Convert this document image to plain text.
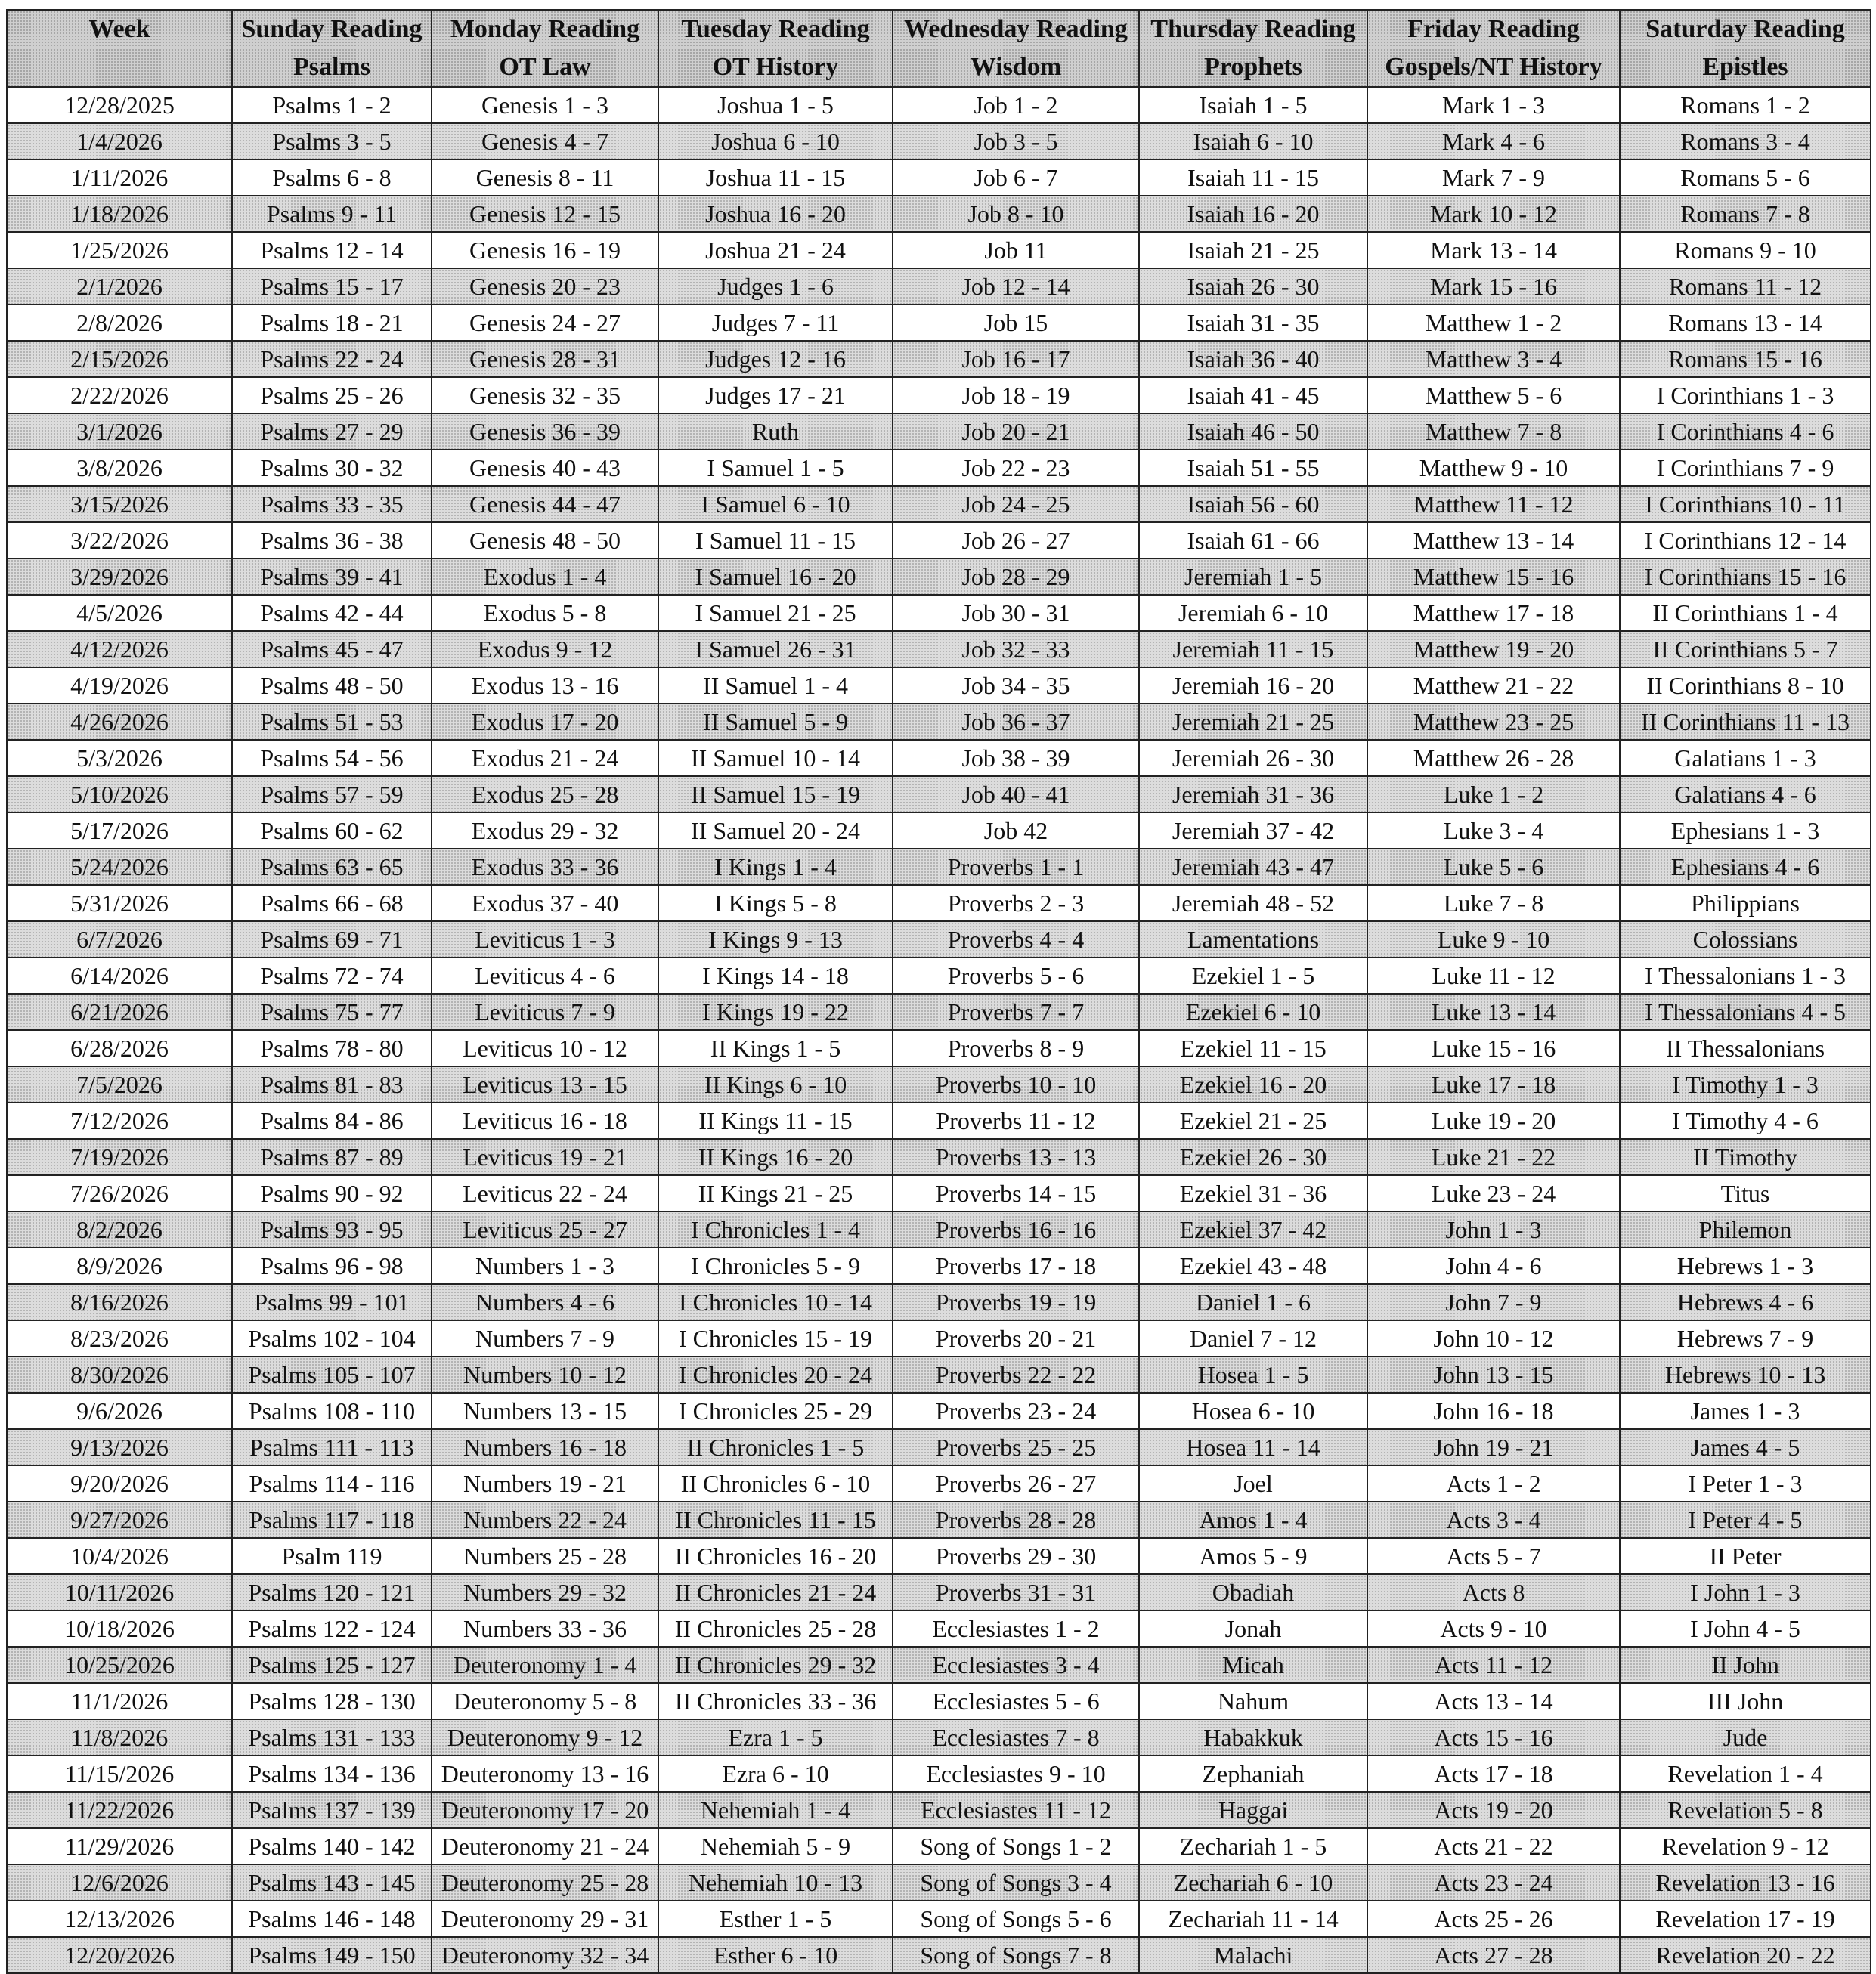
Week	Sunday Reading	Monday Reading	Tuesday Reading	Wednesday Reading	Thursday Reading	Friday Reading	Saturday Reading
	Psalms	OT Law	OT History	Wisdom	Prophets	Gospels/NT History	Epistles
12/28/2025	Psalms 1 - 2	Genesis 1 - 3	Joshua 1 - 5	Job 1 - 2	Isaiah 1 - 5	Mark 1 - 3	Romans 1 - 2
1/4/2026	Psalms 3 - 5	Genesis 4 - 7	Joshua 6 - 10	Job 3 - 5	Isaiah 6 - 10	Mark 4 - 6	Romans 3 - 4
1/11/2026	Psalms 6 - 8	Genesis 8 - 11	Joshua 11 - 15	Job 6 - 7	Isaiah 11 - 15	Mark 7 - 9	Romans 5 - 6
1/18/2026	Psalms 9 - 11	Genesis 12 - 15	Joshua 16 - 20	Job 8 - 10	Isaiah 16 - 20	Mark 10 - 12	Romans 7 - 8
1/25/2026	Psalms 12 - 14	Genesis 16 - 19	Joshua 21 - 24	Job 11	Isaiah 21 - 25	Mark 13 - 14	Romans 9 - 10
2/1/2026	Psalms 15 - 17	Genesis 20 - 23	Judges 1 - 6	Job 12 - 14	Isaiah 26 - 30	Mark 15 - 16	Romans 11 - 12
2/8/2026	Psalms 18 - 21	Genesis 24 - 27	Judges 7 - 11	Job 15	Isaiah 31 - 35	Matthew 1 - 2	Romans 13 - 14
2/15/2026	Psalms 22 - 24	Genesis 28 - 31	Judges 12 - 16	Job 16 - 17	Isaiah 36 - 40	Matthew 3 - 4	Romans 15 - 16
2/22/2026	Psalms 25 - 26	Genesis 32 - 35	Judges 17 - 21	Job 18 - 19	Isaiah 41 - 45	Matthew 5 - 6	I Corinthians 1 - 3
3/1/2026	Psalms 27 - 29	Genesis 36 - 39	Ruth	Job 20 - 21	Isaiah 46 - 50	Matthew 7 - 8	I Corinthians 4 - 6
3/8/2026	Psalms 30 - 32	Genesis 40 - 43	I Samuel 1 - 5	Job 22 - 23	Isaiah 51 - 55	Matthew 9 - 10	I Corinthians 7 - 9
3/15/2026	Psalms 33 - 35	Genesis 44 - 47	I Samuel 6 - 10	Job 24 - 25	Isaiah 56 - 60	Matthew 11 - 12	I Corinthians 10 - 11
3/22/2026	Psalms 36 - 38	Genesis 48 - 50	I Samuel 11 - 15	Job 26 - 27	Isaiah 61 - 66	Matthew 13 - 14	I Corinthians 12 - 14
3/29/2026	Psalms 39 - 41	Exodus 1 - 4	I Samuel 16 - 20	Job 28 - 29	Jeremiah 1 - 5	Matthew 15 - 16	I Corinthians 15 - 16
4/5/2026	Psalms 42 - 44	Exodus 5 - 8	I Samuel 21 - 25	Job 30 - 31	Jeremiah 6 - 10	Matthew 17 - 18	II Corinthians 1 - 4
4/12/2026	Psalms 45 - 47	Exodus 9 - 12	I Samuel 26 - 31	Job 32 - 33	Jeremiah 11 - 15	Matthew 19 - 20	II Corinthians 5 - 7
4/19/2026	Psalms 48 - 50	Exodus 13 - 16	II Samuel 1 - 4	Job 34 - 35	Jeremiah 16 - 20	Matthew 21 - 22	II Corinthians 8 - 10
4/26/2026	Psalms 51 - 53	Exodus 17 - 20	II Samuel 5 - 9	Job 36 - 37	Jeremiah 21 - 25	Matthew 23 - 25	II Corinthians 11 - 13
5/3/2026	Psalms 54 - 56	Exodus 21 - 24	II Samuel 10 - 14	Job 38 - 39	Jeremiah 26 - 30	Matthew 26 - 28	Galatians 1 - 3
5/10/2026	Psalms 57 - 59	Exodus 25 - 28	II Samuel 15 - 19	Job 40 - 41	Jeremiah 31 - 36	Luke 1 - 2	Galatians 4 - 6
5/17/2026	Psalms 60 - 62	Exodus 29 - 32	II Samuel 20 - 24	Job 42	Jeremiah 37 - 42	Luke 3 - 4	Ephesians 1 - 3
5/24/2026	Psalms 63 - 65	Exodus 33 - 36	I Kings 1 - 4	Proverbs 1 - 1	Jeremiah 43 - 47	Luke 5 - 6	Ephesians 4 - 6
5/31/2026	Psalms 66 - 68	Exodus 37 - 40	I Kings 5 - 8	Proverbs 2 - 3	Jeremiah 48 - 52	Luke 7 - 8	Philippians
6/7/2026	Psalms 69 - 71	Leviticus 1 - 3	I Kings 9 - 13	Proverbs 4 - 4	Lamentations	Luke 9 - 10	Colossians
6/14/2026	Psalms 72 - 74	Leviticus 4 - 6	I Kings 14 - 18	Proverbs 5 - 6	Ezekiel 1 - 5	Luke 11 - 12	I Thessalonians 1 - 3
6/21/2026	Psalms 75 - 77	Leviticus 7 - 9	I Kings 19 - 22	Proverbs 7 - 7	Ezekiel 6 - 10	Luke 13 - 14	I Thessalonians 4 - 5
6/28/2026	Psalms 78 - 80	Leviticus 10 - 12	II Kings 1 - 5	Proverbs 8 - 9	Ezekiel 11 - 15	Luke 15 - 16	II Thessalonians
7/5/2026	Psalms 81 - 83	Leviticus 13 - 15	II Kings 6 - 10	Proverbs 10 - 10	Ezekiel 16 - 20	Luke 17 - 18	I Timothy 1 - 3
7/12/2026	Psalms 84 - 86	Leviticus 16 - 18	II Kings 11 - 15	Proverbs 11 - 12	Ezekiel 21 - 25	Luke 19 - 20	I Timothy 4 - 6
7/19/2026	Psalms 87 - 89	Leviticus 19 - 21	II Kings 16 - 20	Proverbs 13 - 13	Ezekiel 26 - 30	Luke 21 - 22	II Timothy
7/26/2026	Psalms 90 - 92	Leviticus 22 - 24	II Kings 21 - 25	Proverbs 14 - 15	Ezekiel 31 - 36	Luke 23 - 24	Titus
8/2/2026	Psalms 93 - 95	Leviticus 25 - 27	I Chronicles 1 - 4	Proverbs 16 - 16	Ezekiel 37 - 42	John 1 - 3	Philemon
8/9/2026	Psalms 96 - 98	Numbers 1 - 3	I Chronicles 5 - 9	Proverbs 17 - 18	Ezekiel 43 - 48	John 4 - 6	Hebrews 1 - 3
8/16/2026	Psalms 99 - 101	Numbers 4 - 6	I Chronicles 10 - 14	Proverbs 19 - 19	Daniel 1 - 6	John 7 - 9	Hebrews 4 - 6
8/23/2026	Psalms 102 - 104	Numbers 7 - 9	I Chronicles 15 - 19	Proverbs 20 - 21	Daniel 7 - 12	John 10 - 12	Hebrews 7 - 9
8/30/2026	Psalms 105 - 107	Numbers 10 - 12	I Chronicles 20 - 24	Proverbs 22 - 22	Hosea 1 - 5	John 13 - 15	Hebrews 10 - 13
9/6/2026	Psalms 108 - 110	Numbers 13 - 15	I Chronicles 25 - 29	Proverbs 23 - 24	Hosea 6 - 10	John 16 - 18	James 1 - 3
9/13/2026	Psalms 111 - 113	Numbers 16 - 18	II Chronicles 1 - 5	Proverbs 25 - 25	Hosea 11 - 14	John 19 - 21	James 4 - 5
9/20/2026	Psalms 114 - 116	Numbers 19 - 21	II Chronicles 6 - 10	Proverbs 26 - 27	Joel	Acts 1 - 2	I Peter 1 - 3
9/27/2026	Psalms 117 - 118	Numbers 22 - 24	II Chronicles 11 - 15	Proverbs 28 - 28	Amos 1 - 4	Acts 3 - 4	I Peter 4 - 5
10/4/2026	Psalm 119	Numbers 25 - 28	II Chronicles 16 - 20	Proverbs 29 - 30	Amos 5 - 9	Acts 5 - 7	II Peter
10/11/2026	Psalms 120 - 121	Numbers 29 - 32	II Chronicles 21 - 24	Proverbs 31 - 31	Obadiah	Acts 8	I John 1 - 3
10/18/2026	Psalms 122 - 124	Numbers 33 - 36	II Chronicles 25 - 28	Ecclesiastes 1 - 2	Jonah	Acts 9 - 10	I John 4 - 5
10/25/2026	Psalms 125 - 127	Deuteronomy 1 - 4	II Chronicles 29 - 32	Ecclesiastes 3 - 4	Micah	Acts 11 - 12	II John
11/1/2026	Psalms 128 - 130	Deuteronomy 5 - 8	II Chronicles 33 - 36	Ecclesiastes 5 - 6	Nahum	Acts 13 - 14	III John
11/8/2026	Psalms 131 - 133	Deuteronomy 9 - 12	Ezra 1 - 5	Ecclesiastes 7 - 8	Habakkuk	Acts 15 - 16	Jude
11/15/2026	Psalms 134 - 136	Deuteronomy 13 - 16	Ezra 6 - 10	Ecclesiastes 9 - 10	Zephaniah	Acts 17 - 18	Revelation 1 - 4
11/22/2026	Psalms 137 - 139	Deuteronomy 17 - 20	Nehemiah 1 - 4	Ecclesiastes 11 - 12	Haggai	Acts 19 - 20	Revelation 5 - 8
11/29/2026	Psalms 140 - 142	Deuteronomy 21 - 24	Nehemiah 5 - 9	Song of Songs 1 - 2	Zechariah 1 - 5	Acts 21 - 22	Revelation 9 - 12
12/6/2026	Psalms 143 - 145	Deuteronomy 25 - 28	Nehemiah 10 - 13	Song of Songs 3 - 4	Zechariah 6 - 10	Acts 23 - 24	Revelation 13 - 16
12/13/2026	Psalms 146 - 148	Deuteronomy 29 - 31	Esther 1 - 5	Song of Songs 5 - 6	Zechariah 11 - 14	Acts 25 - 26	Revelation 17 - 19
12/20/2026	Psalms 149 - 150	Deuteronomy 32 - 34	Esther 6 - 10	Song of Songs 7 - 8	Malachi	Acts 27 - 28	Revelation 20 - 22
